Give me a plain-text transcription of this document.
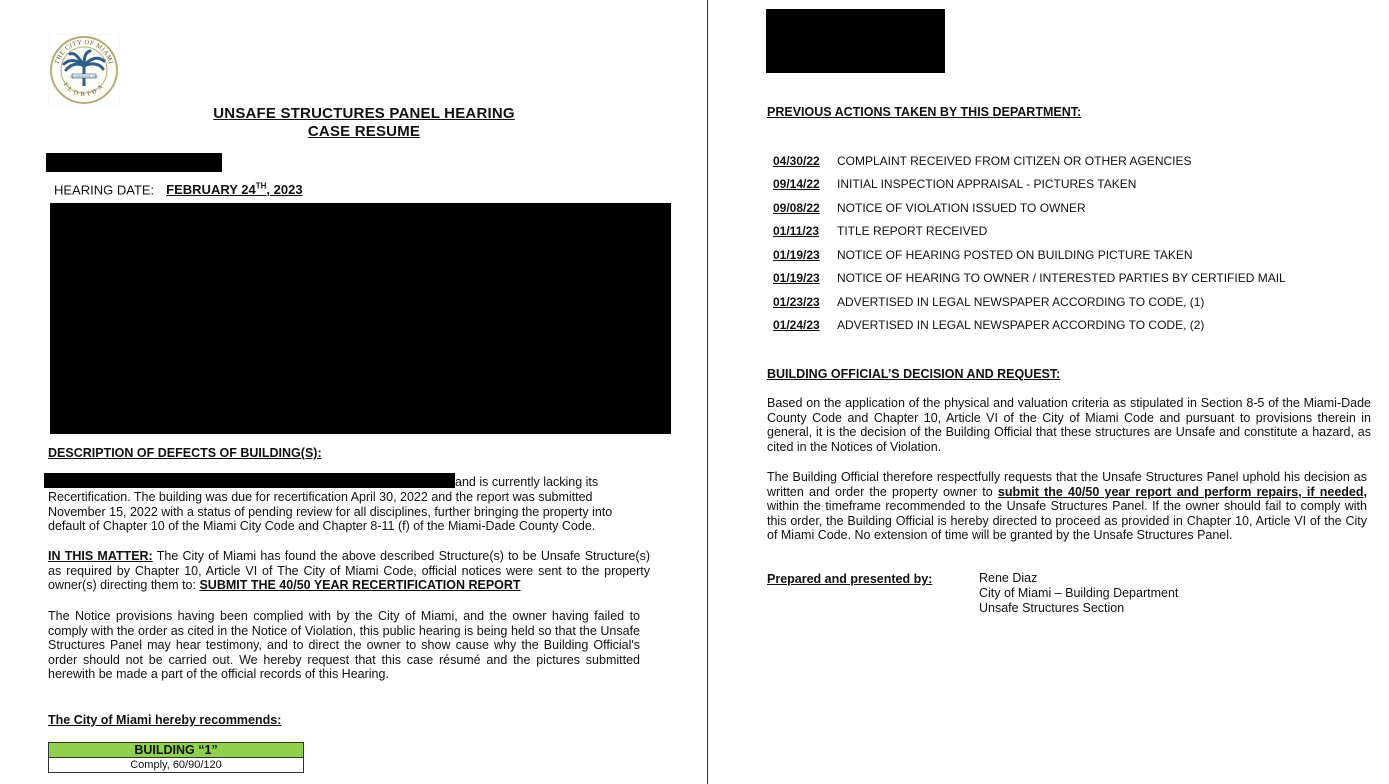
INCORPORATED 1896
THE CITY OF MIAMI
FLORIDA
UNSAFE STRUCTURES PANEL HEARING
CASE RESUME
HEARING DATE: FEBRUARY 24TH, 2023
DESCRIPTION OF DEFECTS OF BUILDING(S):
and is currently lacking its
Recertification. The building was due for recertification April 30, 2022 and the report was submitted November 15, 2022 with a status of pending review for all disciplines, further bringing the property into default of Chapter 10 of the Miami City Code and Chapter 8-11 (f) of the Miami-Dade County Code.
IN THIS MATTER: The City of Miami has found the above described Structure(s) to be Unsafe Structure(s) as required by Chapter 10, Article VI of The City of Miami Code, official notices were sent to the property owner(s) directing them to: SUBMIT THE 40/50 YEAR RECERTIFICATION REPORT
The Notice provisions having been complied with by the City of Miami, and the owner having failed to comply with the order as cited in the Notice of Violation, this public hearing is being held so that the Unsafe Structures Panel may hear testimony, and to direct the owner to show cause why the Building Official's order should not be carried out. We hereby request that this case résumé and the pictures submitted herewith be made a part of the official records of this Hearing.
The City of Miami hereby recommends:
BUILDING “1”
Comply, 60/90/120
PREVIOUS ACTIONS TAKEN BY THIS DEPARTMENT:
04/30/22	COMPLAINT RECEIVED FROM CITIZEN OR OTHER AGENCIES
09/14/22	INITIAL INSPECTION APPRAISAL - PICTURES TAKEN
09/08/22	NOTICE OF VIOLATION ISSUED TO OWNER
01/11/23	TITLE REPORT RECEIVED
01/19/23	NOTICE OF HEARING POSTED ON BUILDING PICTURE TAKEN
01/19/23	NOTICE OF HEARING TO OWNER / INTERESTED PARTIES BY CERTIFIED MAIL
01/23/23	ADVERTISED IN LEGAL NEWSPAPER ACCORDING TO CODE, (1)
01/24/23	ADVERTISED IN LEGAL NEWSPAPER ACCORDING TO CODE, (2)
BUILDING OFFICIAL’S DECISION AND REQUEST:
Based on the application of the physical and valuation criteria as stipulated in Section 8-5 of the Miami-Dade County Code and Chapter 10, Article VI of the City of Miami Code and pursuant to provisions therein in general, it is the decision of the Building Official that these structures are Unsafe and constitute a hazard, as cited in the Notices of Violation.
The Building Official therefore respectfully requests that the Unsafe Structures Panel uphold his decision as written and order the property owner to submit the 40/50 year report and perform repairs, if needed, within the timeframe recommended to the Unsafe Structures Panel. If the owner should fail to comply with this order, the Building Official is hereby directed to proceed as provided in Chapter 10, Article VI of the City of Miami Code. No extension of time will be granted by the Unsafe Structures Panel.
Prepared and presented by:	Rene Diaz
City of Miami – Building Department
Unsafe Structures Section
